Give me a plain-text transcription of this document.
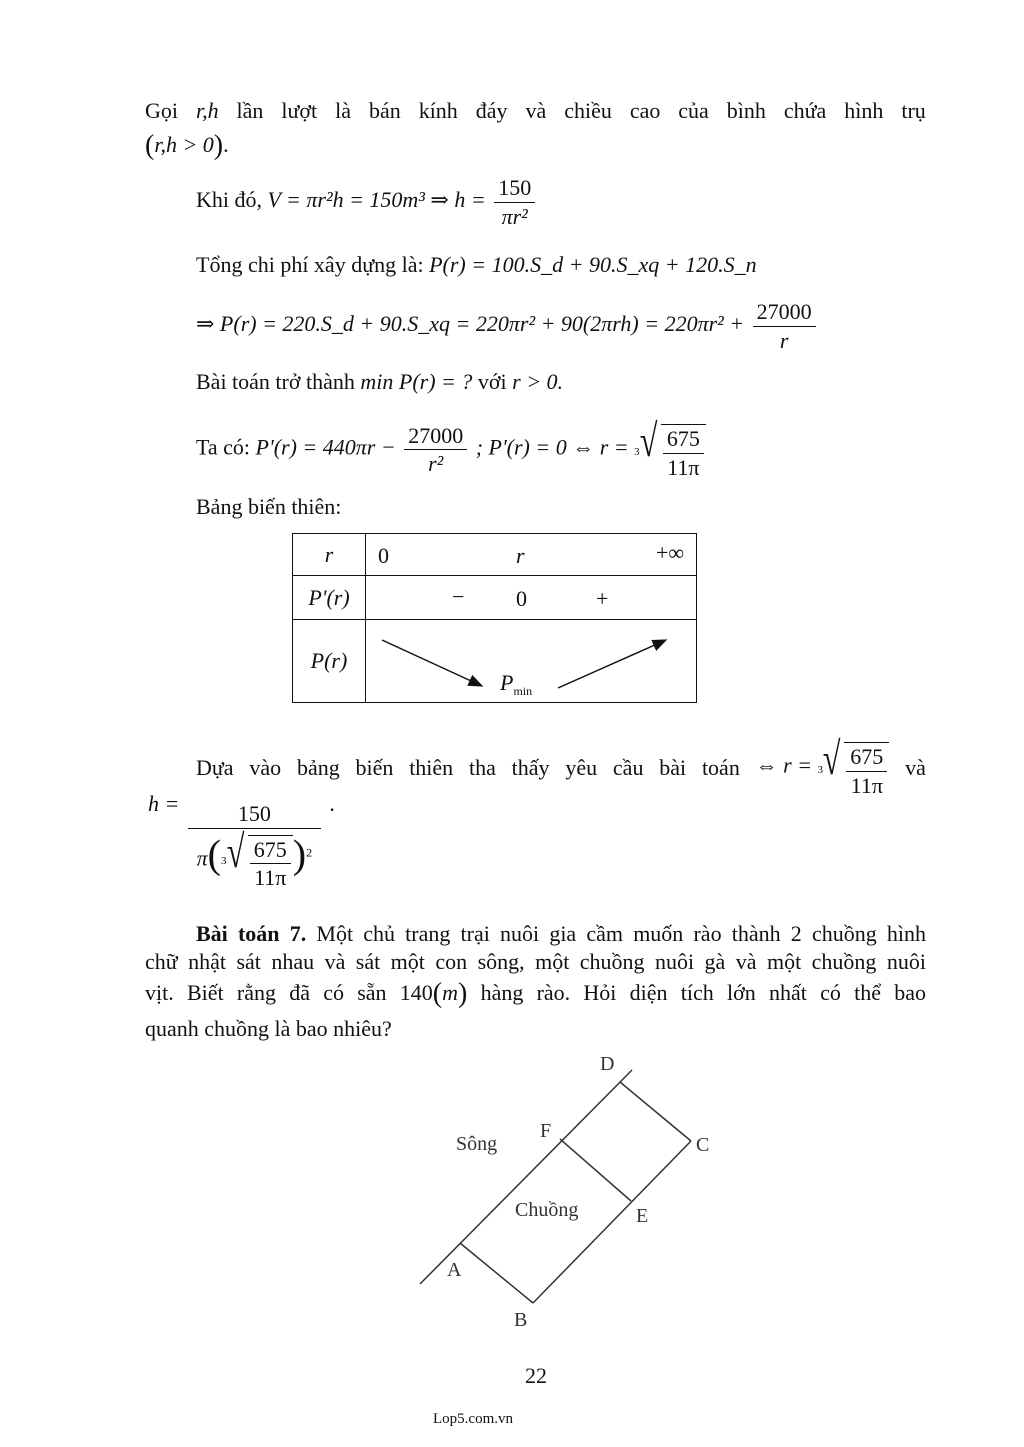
Gọi r,h lần lượt là bán kính đáy và chiều cao của bình chứa hình trụ
(r,h > 0).
Khi đó, V = πr²h = 150m³ ⇒ $h = \frac{150}{\text{πr²}}$
Tổng chi phí xây dựng là: P(r) = 100.S_d + 90.S_xq + 120.S_n
⇒ P(r) = 220.S_d + 90.S_xq = $220\pi r^2 + 90(2\pi rh) = 220\pi r^2 + \frac{27000}{r}$
Bài toán trở thành min P(r) = ? với r > 0.
Ta có: $P'(r) = 440\pi r - \frac{27000}{\text{r²}}$ ; P'(r) = 0 ⇔ r = 3 √ $\frac{675}{11\pi}$
Bảng biến thiên:
r	0 r +∞

P'(r)	− 0 +

P(r)	$P_{min}$
Dựa vào bảng biến thiên tha thấy yêu cầu bài toán ⇔ r = 3 √ $\frac{675}{11\pi}$ và
$h = \frac{150}{\pi( 3 √ \frac{675}{11\pi} )^2}$ .
Bài toán 7. Một chủ trang trại nuôi gia cầm muốn rào thành 2 chuồng hình
chữ nhật sát nhau và sát một con sông, một chuồng nuôi gà và một chuồng nuôi
vịt. Biết rằng đã có sẵn 140(m) hàng rào. Hỏi diện tích lớn nhất có thể bao
quanh chuồng là bao nhiêu?
D
F
C
E
A
B
Sông
Chuồng
22
Lop5.com.vn
